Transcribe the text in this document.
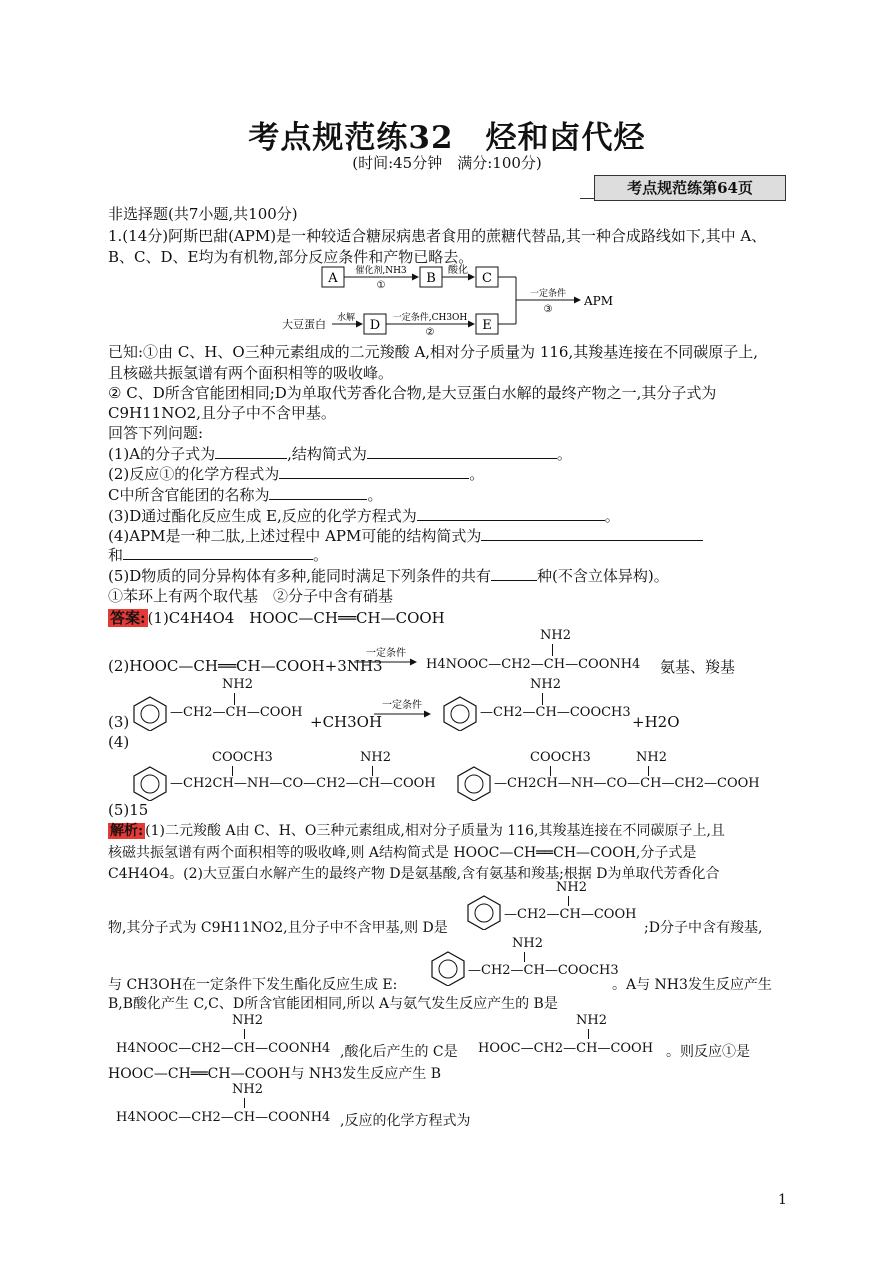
考点规范练32　烃和卤代烃
(时间:45分钟　满分:100分)
考点规范练第64页
非选择题(共7小题,共100分)
1.(14分)阿斯巴甜(APM)是一种较适合糖尿病患者食用的蔗糖代替品,其一种合成路线如下,其中 A、
B、C、D、E均为有机物,部分反应条件和产物已略去。
A 催化剂,NH3
①	B
酸化
C
大豆蛋白 水解 D 一定条件,CH3OH
②	E
一定条件
③
APM
已知:①由 C、H、O三种元素组成的二元羧酸 A,相对分子质量为 116,其羧基连接在不同碳原子上,
且核磁共振氢谱有两个面积相等的吸收峰。
② C、D所含官能团相同;D为单取代芳香化合物,是大豆蛋白水解的最终产物之一,其分子式为
C9H11NO2,且分子中不含甲基。
回答下列问题:
(1)A的分子式为	,结构简式为	。
(2)反应①的化学方程式为	。
C中所含官能团的名称为	。
(3)D通过酯化反应生成 E,反应的化学方程式为	。
(4)APM是一种二肽,上述过程中 APM可能的结构简式为
和	。
(5)D物质的同分异构体有多种,能同时满足下列条件的共有	种(不含立体异构)。
①苯环上有两个取代基　②分子中含有硝基
答案: (1)C4H4O4　HOOC—CH══CH—COOH
(2)HOOC—CH══CH—COOH+3NH3
一定条件
NH2
H4NOOC—CH2—CH—COONH4 氨基、羧基
(3)
NH2
—CH2—CH—COOH
+CH3OH
一定条件
NH2
—CH2—CH—COOCH3
+H2O
(4)
COOCH3	NH2
—CH2CH—NH—CO—CH2—CH—COOH
COOCH3	NH2
—CH2CH—NH—CO—CH—CH2—COOH
(5)15
解析: (1)二元羧酸 A由 C、H、O三种元素组成,相对分子质量为 116,其羧基连接在不同碳原子上,且
核磁共振氢谱有两个面积相等的吸收峰,则 A结构简式是 HOOC—CH══CH—COOH,分子式是
C4H4O4。(2)大豆蛋白水解产生的最终产物 D是氨基酸,含有氨基和羧基;根据 D为单取代芳香化合
物,其分子式为 C9H11NO2,且分子中不含甲基,则 D是
NH2
—CH2—CH—COOH
;D分子中含有羧基,
与 CH3OH在一定条件下发生酯化反应生成 E:
NH2
—CH2—CH—COOCH3
。A与 NH3发生反应产生
B,B酸化产生 C,C、D所含官能团相同,所以 A与氨气发生反应产生的 B是
NH2
H4NOOC—CH2—CH—COONH4 ,酸化后产生的 C是
NH2
HOOC—CH2—CH—COOH 。则反应①是
HOOC—CH══CH—COOH与 NH3发生反应产生 B
NH2
H4NOOC—CH2—CH—COONH4 ,反应的化学方程式为
1
